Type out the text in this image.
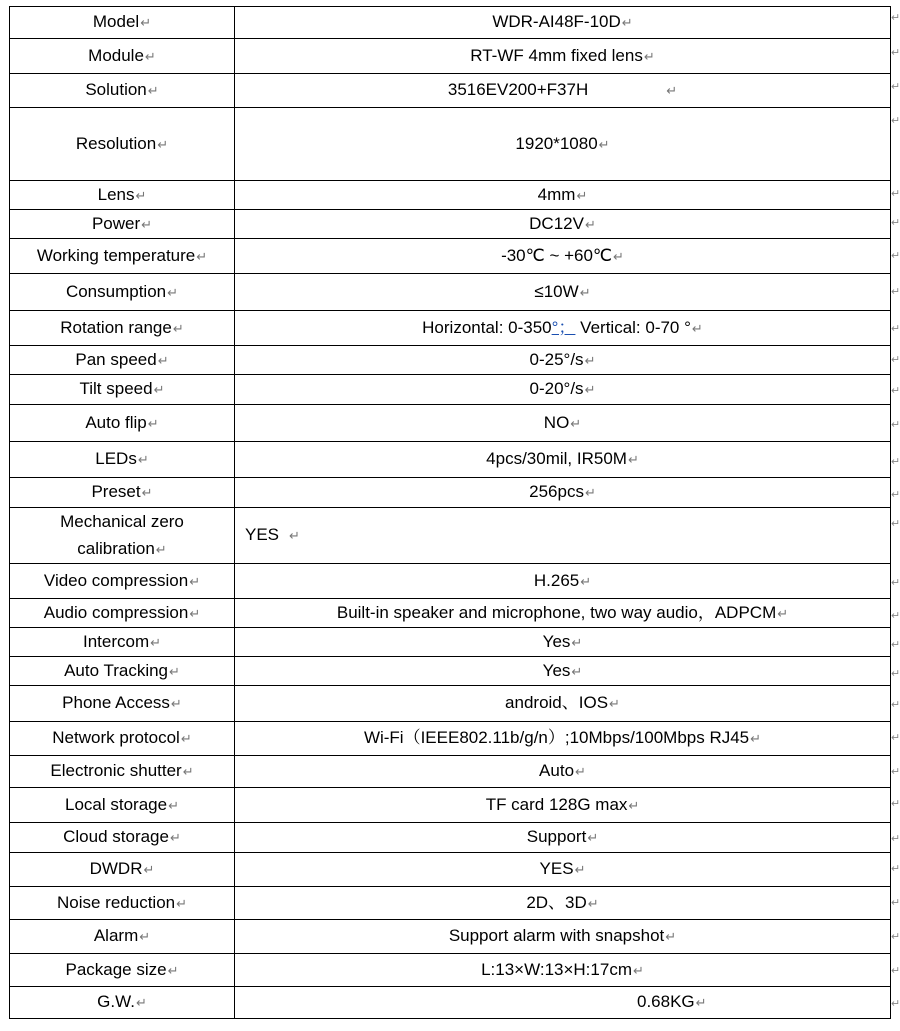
Model↵	WDR-AI48F-10D↵
Module↵	RT-WF 4mm fixed lens↵
Solution↵	3516EV200+F37H ↵
Resolution↵	1920*1080↵
Lens↵	4mm↵
Power↵	DC12V↵
Working temperature↵	-30℃ ~ +60℃↵
Consumption↵	≤10W↵
Rotation range↵	Horizontal: 0-350°； Vertical: 0-70 °↵
Pan speed↵	0-25°/s↵
Tilt speed↵	0-20°/s↵
Auto flip↵	NO↵
LEDs↵	4pcs/30mil, IR50M↵
Preset↵	256pcs↵
Mechanical zero
calibration↵	YES ↵
Video compression↵	H.265↵
Audio compression↵	Built-in speaker and microphone, two way audio，ADPCM↵
Intercom↵	Yes↵
Auto Tracking↵	Yes↵
Phone Access↵	android、IOS↵
Network protocol↵	Wi-Fi（IEEE802.11b/g/n）;10Mbps/100Mbps RJ45↵
Electronic shutter↵	Auto↵
Local storage↵	TF card 128G max↵
Cloud storage↵	Support↵
DWDR↵	YES↵
Noise reduction↵	2D、3D↵
Alarm↵	Support alarm with snapshot↵
Package size↵	L:13×W:13×H:17cm↵
G.W.↵	0.68KG↵
↵
↵
↵
↵
↵
↵
↵
↵
↵
↵
↵
↵
↵
↵
↵
↵
↵
↵
↵
↵
↵
↵
↵
↵
↵
↵
↵
↵
↵
